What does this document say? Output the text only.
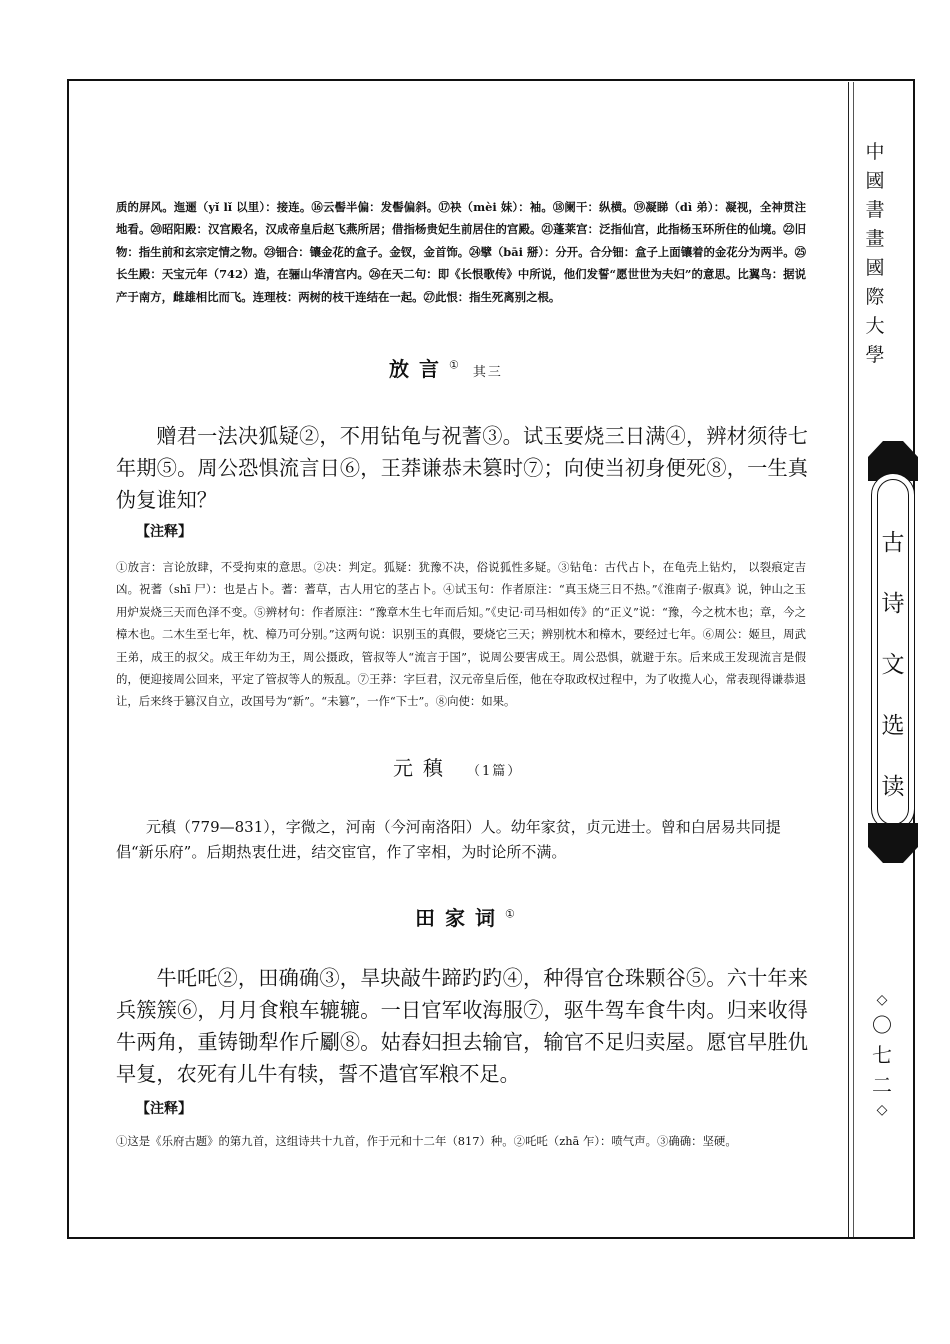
质的屏风。迤逦（yǐ lǐ 以里）：接连。⑯云髻半偏：发髻偏斜。⑰袂（mèi 妹）：袖。⑱阑干：纵横。⑲凝睇（dì 弟）：凝视，全神贯注地看。⑳昭阳殿：汉宫殿名，汉成帝皇后赵飞燕所居；借指杨贵妃生前居住的宫殿。㉑蓬莱宫：泛指仙宫，此指杨玉环所住的仙境。㉒旧物：指生前和玄宗定情之物。㉓钿合：镶金花的盒子。金钗，金首饰。㉔擘（bāi 掰）：分开。合分钿：盒子上面镶着的金花分为两半。㉕长生殿：天宝元年（742）造，在骊山华清宫内。㉖在天二句：即《长恨歌传》中所说，他们发誓“愿世世为夫妇”的意思。比翼鸟：据说产于南方，雌雄相比而飞。连理枝：两树的枝干连结在一起。㉗此恨：指生死离别之根。
放言①其三
赠君一法决狐疑②，不用钻龟与祝蓍③。试玉要烧三日满④，辨材须待七年期⑤。周公恐惧流言日⑥，王莽谦恭未篡时⑦；向使当初身便死⑧，一生真伪复谁知？
【注释】
①放言：言论放肆，不受拘束的意思。②决：判定。狐疑：犹豫不决，俗说狐性多疑。③钻龟：古代占卜，在龟壳上钻灼， 以裂痕定吉凶。祝蓍（shī 尸）：也是占卜。蓍：蓍草，古人用它的茎占卜。④试玉句：作者原注：“真玉烧三日不热。”《淮南子·俶真》说，钟山之玉用炉炭烧三天而色泽不变。⑤辨材句：作者原注：“豫章木生七年而后知。”《史记·司马相如传》的“正义”说：“豫，今之枕木也；章，今之樟木也。二木生至七年，枕、樟乃可分别。”这两句说：识别玉的真假，要烧它三天；辨别枕木和樟木，要经过七年。⑥周公：姬旦，周武王弟，成王的叔父。成王年幼为王，周公摄政，管叔等人“流言于国”，说周公要害成王。周公恐惧，就避于东。后来成王发现流言是假的，便迎接周公回来，平定了管叔等人的叛乱。⑦王莽：字巨君，汉元帝皇后侄，他在夺取政权过程中，为了收揽人心，常表现得谦恭退让，后来终于篡汉自立，改国号为“新”。“未篡”，一作“下士”。⑧向使：如果。
元稹 （1篇）
元稹（779—831），字微之，河南（今河南洛阳）人。幼年家贫，贞元进士。曾和白居易共同提倡“新乐府”。后期热衷仕进，结交宦官，作了宰相，为时论所不满。
田家词①
牛吒吒②，田确确③，旱块敲牛蹄趵趵④，种得官仓珠颗谷⑤。六十年来兵簇簇⑥，月月食粮车辘辘。一日官军收海服⑦，驱牛驾车食牛肉。归来收得牛两角，重铸锄犁作斤劚⑧。姑舂妇担去输官，输官不足归卖屋。愿官早胜仇早复，农死有儿牛有犊，誓不遣官军粮不足。
【注释】
①这是《乐府古题》的第九首，这组诗共十九首，作于元和十二年（817）种。②吒吒（zhā 乍）：喷气声。③确确：坚硬。
中
國
書
畫
國
際
大
學
古
诗
文
选
读
◇
〇
七
二
◇
